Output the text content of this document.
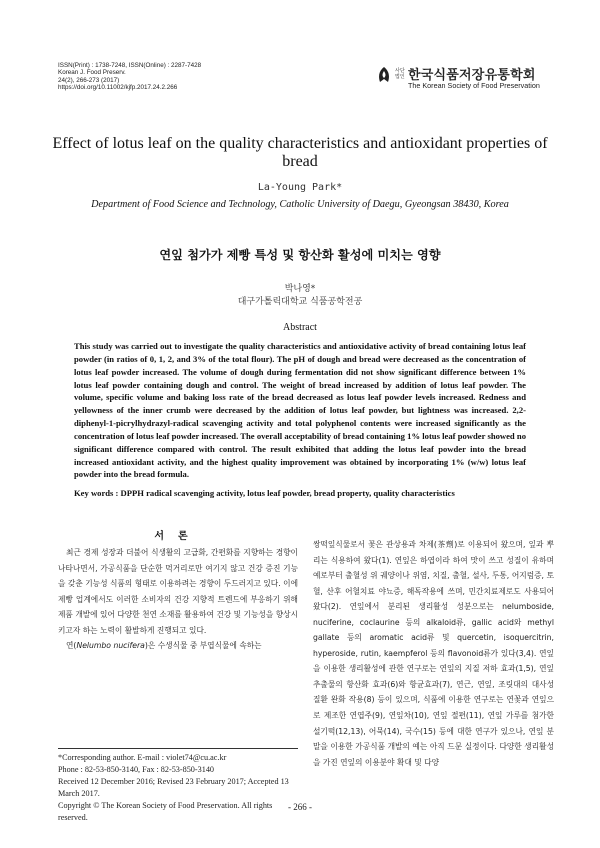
ISSN(Print) : 1738-7248, ISSN(Online) : 2287-7428
Korean J. Food Preserv.
24(2), 266-273 (2017)
https://doi.org/10.11002/kjfp.2017.24.2.266
사단
법인 한국식품저장유통학회
The Korean Society of Food Preservation
Effect of lotus leaf on the quality characteristics and antioxidant properties of bread
La-Young Park*
Department of Food Science and Technology, Catholic University of Daegu, Gyeongsan 38430, Korea
연잎 첨가가 제빵 특성 및 항산화 활성에 미치는 영향
박나영*
대구가톨릭대학교 식품공학전공
Abstract
This study was carried out to investigate the quality characteristics and antioxidative activity of bread containing lotus leaf powder (in ratios of 0, 1, 2, and 3% of the total flour). The pH of dough and bread were decreased as the concentration of lotus leaf powder increased. The volume of dough during fermentation did not show significant difference between 1% lotus leaf powder containing dough and control. The weight of bread increased by addition of lotus leaf powder. The volume, specific volume and baking loss rate of the bread decreased as lotus leaf powder levels increased. Redness and yellowness of the inner crumb were decreased by the addition of lotus leaf powder, but lightness was increased. 2,2-diphenyl-1-picrylhydrazyl-radical scavenging activity and total polyphenol contents were increased significantly as the concentration of lotus leaf powder increased. The overall acceptability of bread containing 1% lotus leaf powder showed no significant difference compared with control. The result exhibited that adding the lotus leaf powder into the bread increased antioxidant activity, and the highest quality improvement was obtained by incorporating 1% (w/w) lotus leaf powder into the bread formula.
Key words : DPPH radical scavenging activity, lotus leaf powder, bread property, quality characteristics
서론

최근 경제 성장과 더불어 식생활의 고급화, 간편화를 지향하는 경향이 나타나면서, 가공식품을 단순한 먹거리로만 여기지 않고 건강 증진 기능을 갖춘 기능성 식품의 형태로 이용하려는 경향이 두드러지고 있다. 이에 제빵 업계에서도 이러한 소비자의 건강 지향적 트렌드에 부응하기 위해 제품 개발에 있어 다양한 천연 소재를 활용하여 건강 및 기능성을 향상시키고자 하는 노력이 활발하게 진행되고 있다.

연(Nelumbo nucifera)은 수생식물 중 부엽식물에 속하는

*Corresponding author. E-mail : violet74@cu.ac.kr
Phone : 82-53-850-3140, Fax : 82-53-850-3140
Received 12 December 2016; Revised 23 February 2017; Accepted 13 March 2017.
Copyright © The Korean Society of Food Preservation. All rights reserved.

쌍떡잎식물로서 꽃은 관상용과 차제(茶劑)로 이용되어 왔으며, 잎과 뿌리는 식용하여 왔다(1). 연잎은 하엽이라 하여 맛이 쓰고 성질이 유하며 예로부터 출혈성 위 궤양이나 위염, 치질, 출혈, 설사, 두통, 어지럼증, 토혈, 산후 어혈치료 야뇨증, 해독작용에 쓰며, 민간치료제로도 사용되어 왔다(2). 연잎에서 분리된 생리활성 성분으로는 nelumboside, nuciferine, coclaurine 등의 alkaloid류, gallic acid와 methyl gallate 등의 aromatic acid류 및 quercetin, isoquercitrin, hyperoside, rutin, kaempferol 등의 flavonoid류가 있다(3,4). 연잎을 이용한 생리활성에 관한 연구로는 연잎의 지질 저하 효과(1,5), 연잎 추출물의 항산화 효과(6)와 항균효과(7), 연근, 연잎, 조릿대의 대사성 질환 완화 작용(8) 등이 있으며, 식품에 이용한 연구로는 연꽃과 연잎으로 제조한 연엽주(9), 연잎차(10), 연잎 절편(11), 연잎 가루를 첨가한 설기떡(12,13), 어묵(14), 국수(15) 등에 대한 연구가 있으나, 연잎 분말을 이용한 가공식품 개발의 예는 아직 드문 실정이다. 다양한 생리활성을 가진 연잎의 이용분야 확대 및 다양

- 266 -
